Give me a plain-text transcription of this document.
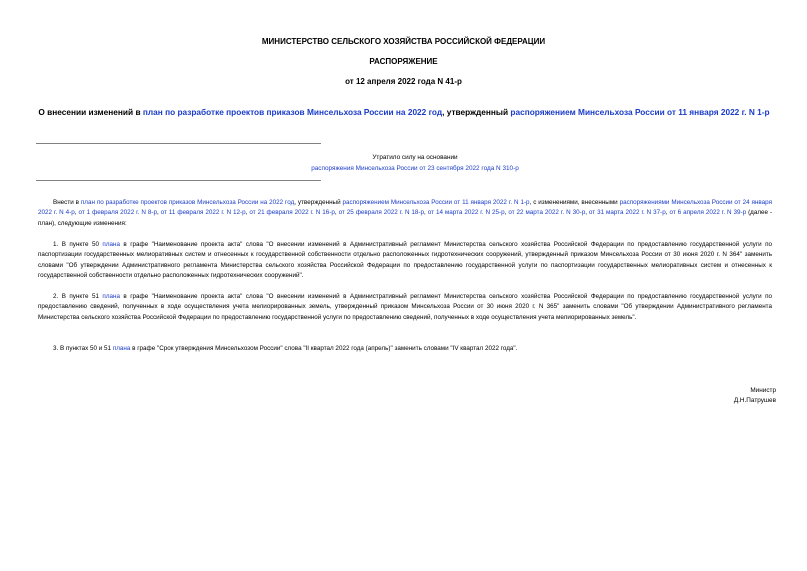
МИНИСТЕРСТВО СЕЛЬСКОГО ХОЗЯЙСТВА РОССИЙСКОЙ ФЕДЕРАЦИИ
РАСПОРЯЖЕНИЕ
от 12 апреля 2022 года N 41-р
О внесении изменений в план по разработке проектов приказов Минсельхоза России на 2022 год, утвержденный распоряжением Минсельхоза России от 11 января 2022 г. N 1-р
Утратило силу на основании
распоряжения Минсельхоза России от 23 сентября 2022 года N 310-р

Внести в план по разработке проектов приказов Минсельхоза России на 2022 год, утвержденный распоряжением Минсельхоза России от 11 января 2022 г. N 1-р, с изменениями, внесенными распоряжениями Минсельхоза России от 24 января 2022 г. N 4-р, от 1 февраля 2022 г. N 8-р, от 11 февраля 2022 г. N 12-р, от 21 февраля 2022 г. N 16-р, от 25 февраля 2022 г. N 18-р, от 14 марта 2022 г. N 25-р, от 22 марта 2022 г. N 30-р, от 31 марта 2022 г. N 37-р, от 6 апреля 2022 г. N 39-р (далее - план), следующие изменения:

1. В пункте 50 плана в графе "Наименование проекта акта" слова "О внесении изменений в Административный регламент Министерства сельского хозяйства Российской Федерации по предоставлению государственной услуги по паспортизации государственных мелиоративных систем и отнесенных к государственной собственности отдельно расположенных гидротехнических сооружений, утвержденный приказом Минсельхоза России от 30 июня 2020 г. N 364" заменить словами "Об утверждении Административного регламента Министерства сельского хозяйства Российской Федерации по предоставлению государственной услуги по паспортизации государственных мелиоративных систем и отнесенных к государственной собственности отдельно расположенных гидротехнических сооружений".

2. В пункте 51 плана в графе "Наименование проекта акта" слова "О внесении изменений в Административный регламент Министерства сельского хозяйства Российской Федерации по предоставлению государственной услуги по предоставлению сведений, полученных в ходе осуществления учета мелиорированных земель, утвержденный приказом Минсельхоза России от 30 июня 2020 г. N 365" заменить словами "Об утверждении Административного регламента Министерства сельского хозяйства Российской Федерации по предоставлению государственной услуги по предоставлению сведений, полученных в ходе осуществления учета мелиорированных земель".

3. В пунктах 50 и 51 плана в графе "Срок утверждения Минсельхозом России" слова "II квартал 2022 года (апрель)" заменить словами "IV квартал 2022 года".

Министр
Д.Н.Патрушев
